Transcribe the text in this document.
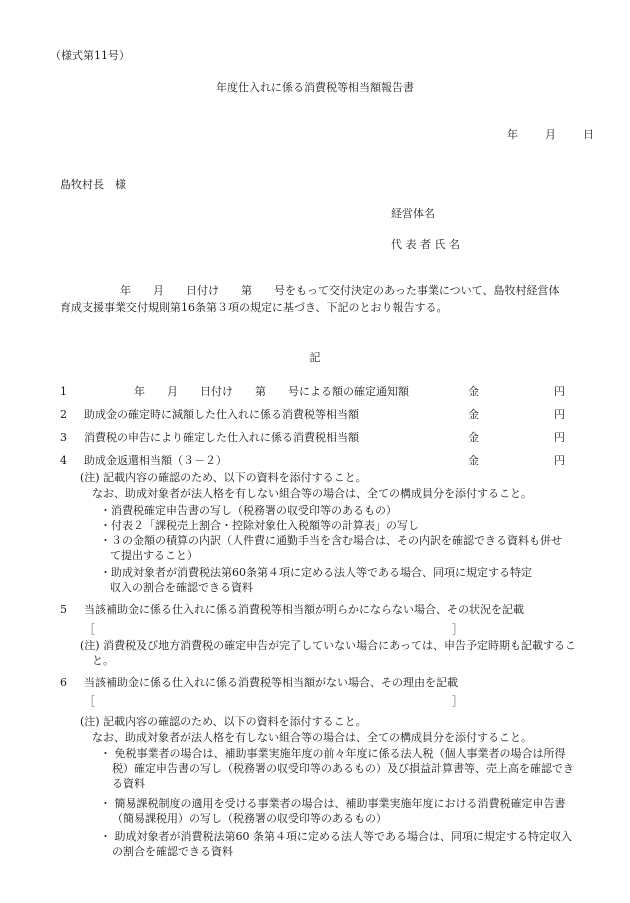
（様式第11号）
年度仕入れに係る消費税等相当額報告書
年　月　日
島牧村長　様
経営体名
代 表 者 氏 名
年　　月　　日付け　　第　　号をもって交付決定のあった事業について、島牧村経営体育成支援事業交付規則第16条第３項の規定に基づき、下記のとおり報告する。
記
1	年　　月　　日付け　　第　　号による額の確定通知額	金	円
2 助成金の確定時に減額した仕入れに係る消費税等相当額	金	円
3 消費税の申告により確定した仕入れに係る消費税相当額	金	円
4 助成金返還相当額（３－２）	金	円
(注) 記載内容の確認のため、以下の資料を添付すること。
なお、助成対象者が法人格を有しない組合等の場合は、全ての構成員分を添付すること。
・消費税確定申告書の写し（税務署の収受印等のあるもの）
・付表２「課税売上割合・控除対象仕入税額等の計算表」の写し
・３の金額の積算の内訳（人件費に通勤手当を含む場合は、その内訳を確認できる資料も併せて提出すること）
・助成対象者が消費税法第60条第４項に定める法人等である場合、同項に規定する特定収入の割合を確認できる資料
5 当該補助金に係る仕入れに係る消費税等相当額が明らかにならない場合、その状況を記載
［	］
(注) 消費税及び地方消費税の確定申告が完了していない場合にあっては、申告予定時期も記載すること。
6 当該補助金に係る仕入れに係る消費税等相当額がない場合、その理由を記載
［	］
(注) 記載内容の確認のため、以下の資料を添付すること。
なお、助成対象者が法人格を有しない組合等の場合は、全ての構成員分を添付すること。
・ 免税事業者の場合は、補助事業実施年度の前々年度に係る法人税（個人事業者の場合は所得税）確定申告書の写し（税務署の収受印等のあるもの）及び損益計算書等、売上高を確認できる資料
・ 簡易課税制度の適用を受ける事業者の場合は、補助事業実施年度における消費税確定申告書（簡易課税用）の写し（税務署の収受印等のあるもの）
・ 助成対象者が消費税法第60 条第４項に定める法人等である場合は、同項に規定する特定収入の割合を確認できる資料
